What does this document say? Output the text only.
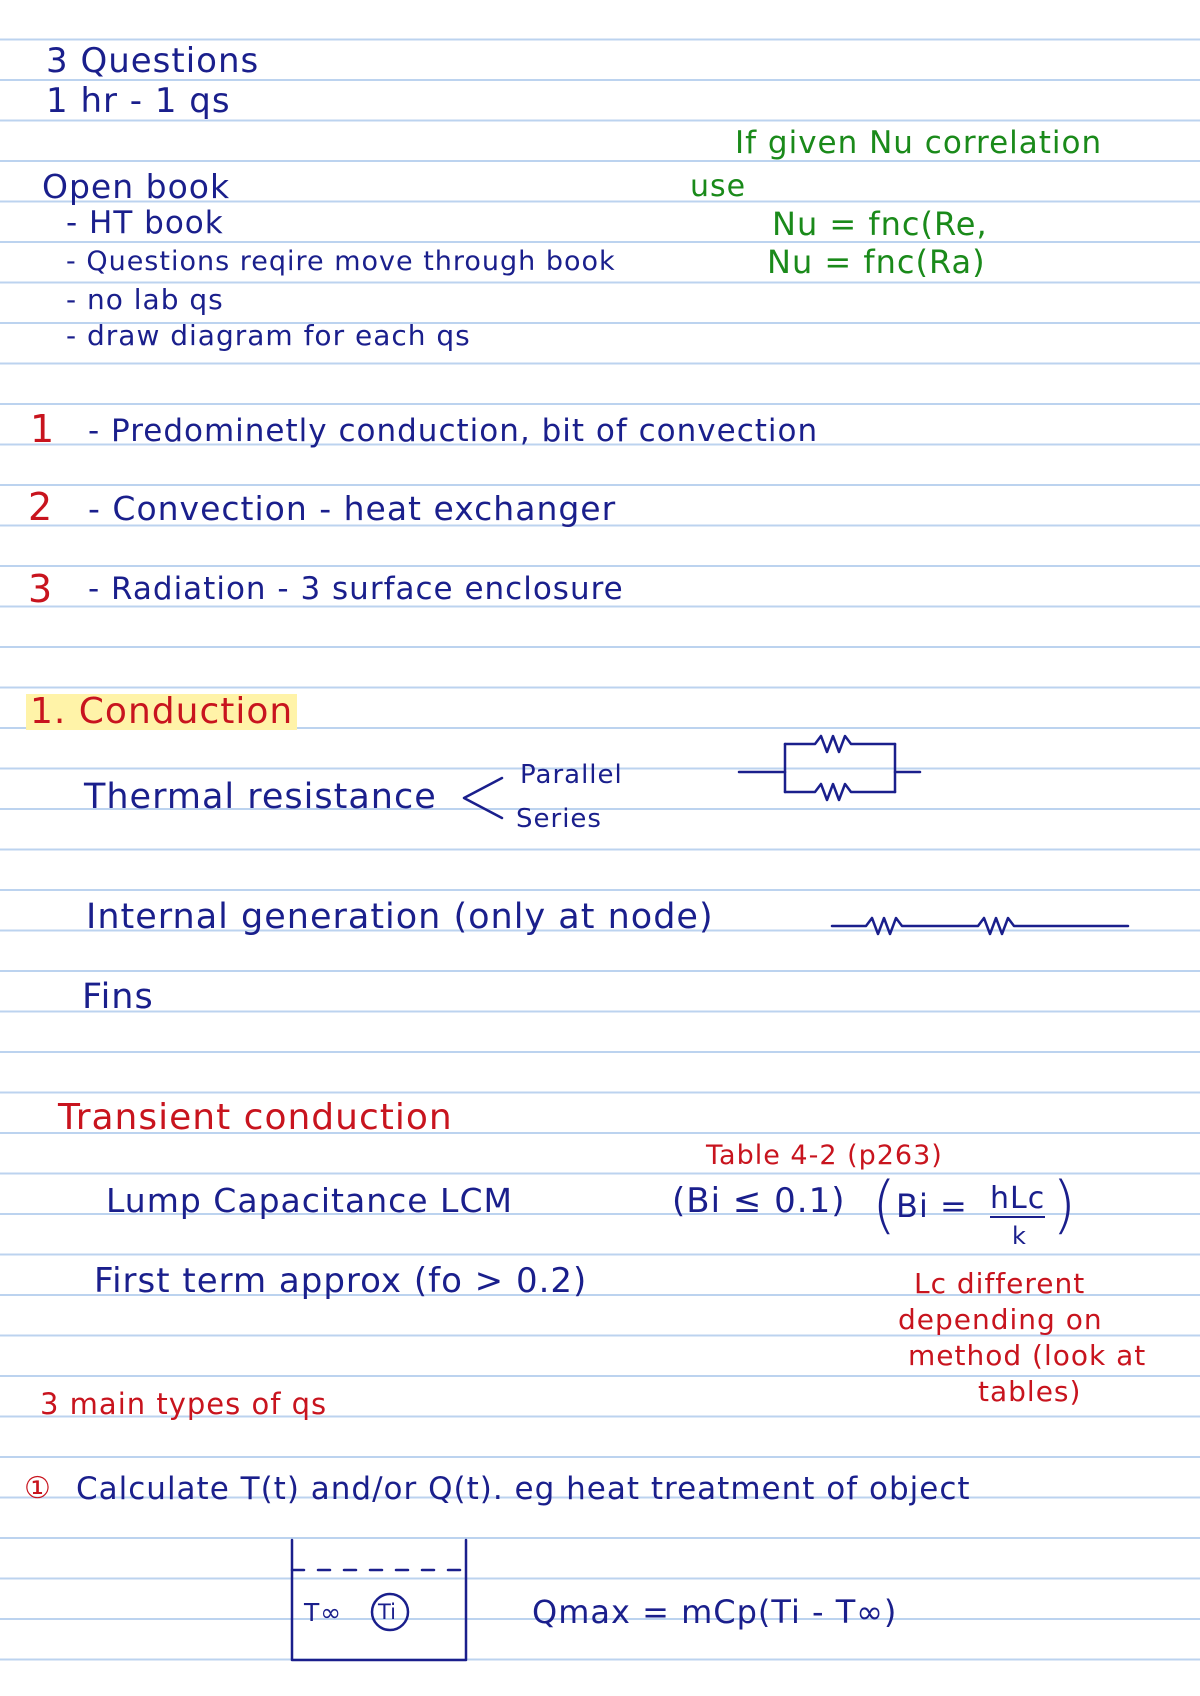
3 Questions
1 hr - 1 qs
Open book
- HT book
- Questions reqire move through book
- no lab qs
- draw diagram for each qs
If given Nu correlation
use
Nu = fnc(Re,
Nu = fnc(Ra)
1 - Predominetly conduction, bit of convection
2 - Convection - heat exchanger
3 - Radiation - 3 surface enclosure
1. Conduction
Thermal resistance
Parallel
Series
Internal generation (only at node)
Fins
Transient conduction
Table 4-2 (p263)
Lump Capacitance LCM	(Bi ≤ 0.1) (
Bi = hLc
k )
First term approx (fo > 0.2)	Lc different
depending on
method (look at
tables)
3 main types of qs
① Calculate T(t) and/or Q(t). eg heat treatment of object
T∞ Ti	Qmax = mCp(Ti - T∞)
